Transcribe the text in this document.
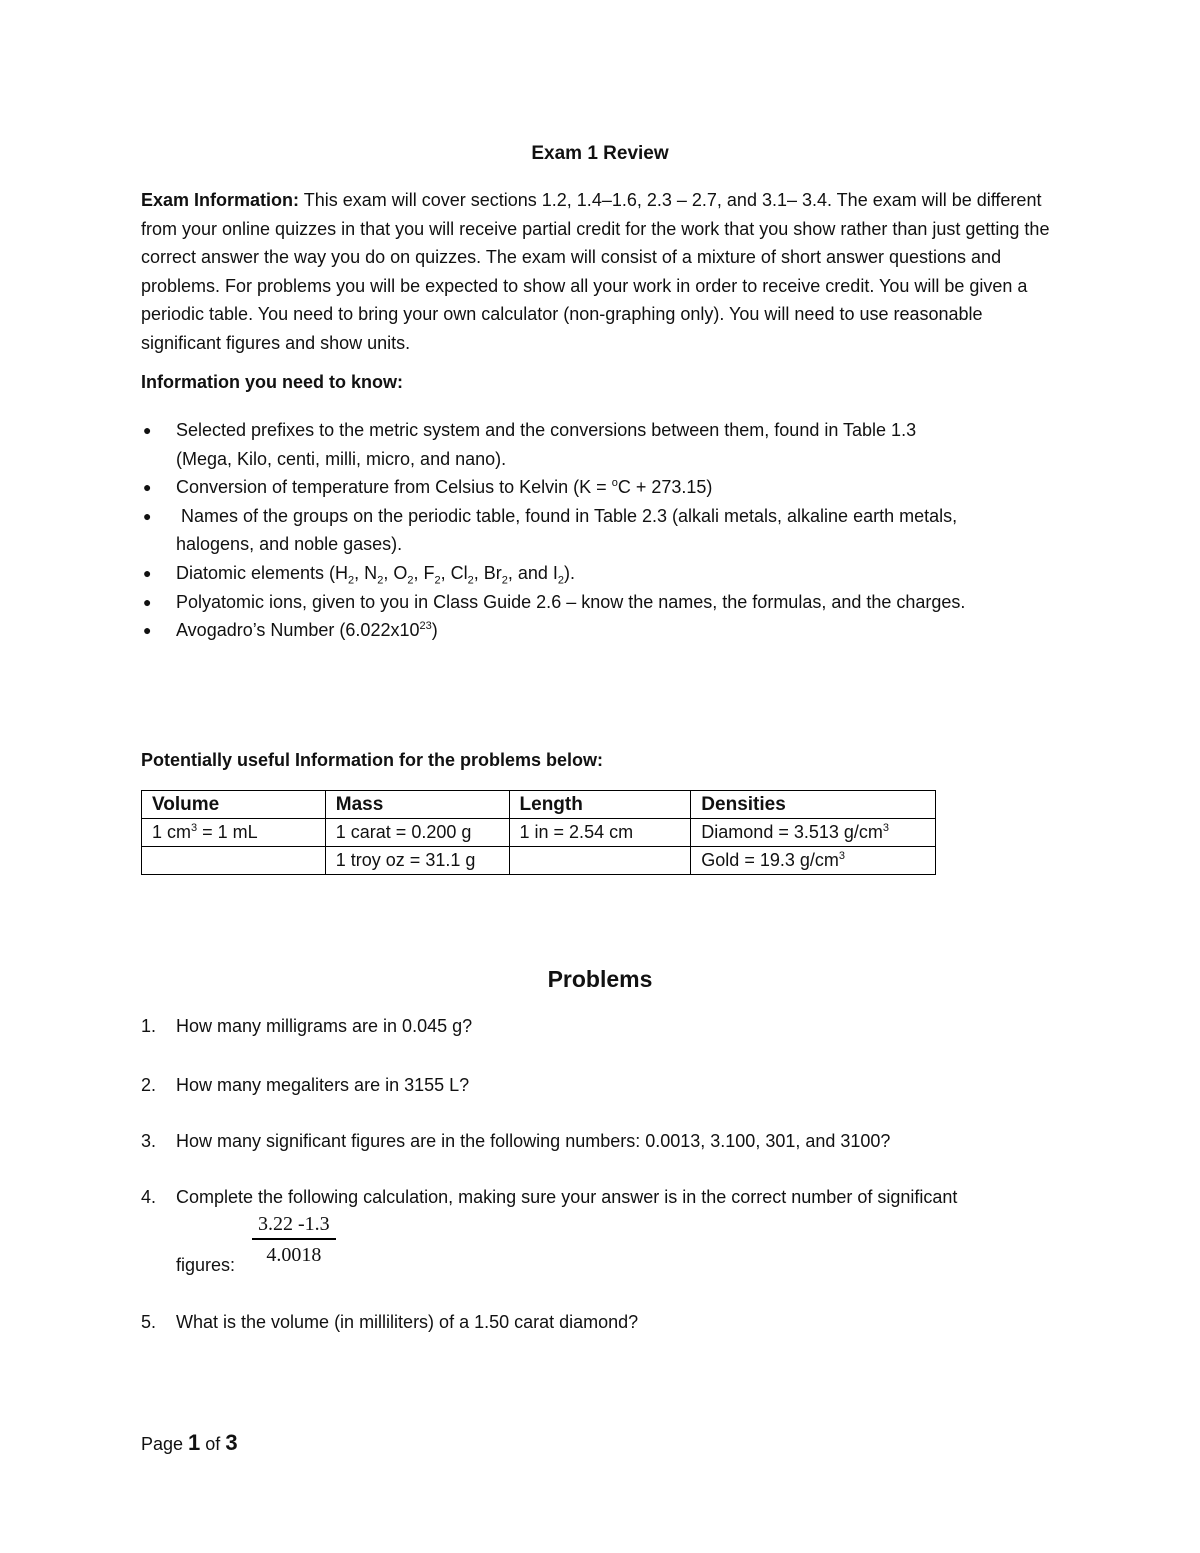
Exam 1 Review

Exam Information: This exam will cover sections 1.2, 1.4–1.6, 2.3 – 2.7, and 3.1– 3.4. The exam will be different from your online quizzes in that you will receive partial credit for the work that you show rather than just getting the correct answer the way you do on quizzes. The exam will consist of a mixture of short answer questions and problems. For problems you will be expected to show all your work in order to receive credit. You will be given a periodic table. You need to bring your own calculator (non-graphing only). You will need to use reasonable significant figures and show units.

Information you need to know:
● Selected prefixes to the metric system and the conversions between them, found in Table 1.3
(Mega, Kilo, centi, milli, micro, and nano).
● Conversion of temperature from Celsius to Kelvin (K = $^o$C + 273.15)
● Names of the groups on the periodic table, found in Table 2.3 (alkali metals, alkaline earth metals,
halogens, and noble gases).
● Diatomic elements ($H_2$, $N_2$, $O_2$, $F_2$, $Cl_2$, $Br_2$, and $I_2$).
● Polyatomic ions, given to you in Class Guide 2.6 – know the names, the formulas, and the charges.
● Avogadro’s Number $(6.022x10^{23})$
Potentially useful Information for the problems below:
Volume	Mass	Length	Densities
1 $cm^3 = 1$ mL	1 carat = 0.200 g	1 in = 2.54 cm	Diamond = 3.513 $g/cm^3$
	1 troy oz = 31.1 g		Gold = 19.3 $g/cm^3$
Problems

1. How many milligrams are in 0.045 g?

2. How many megaliters are in 3155 L?

3. How many significant figures are in the following numbers: 0.0013, 3.100, 301, and 3100?

4. Complete the following calculation, making sure your answer is in the correct number of significant

figures: $\frac{3.22 -1.3}{4.0018}$

5. What is the volume (in milliliters) of a 1.50 carat diamond?

Page 1 of 3
